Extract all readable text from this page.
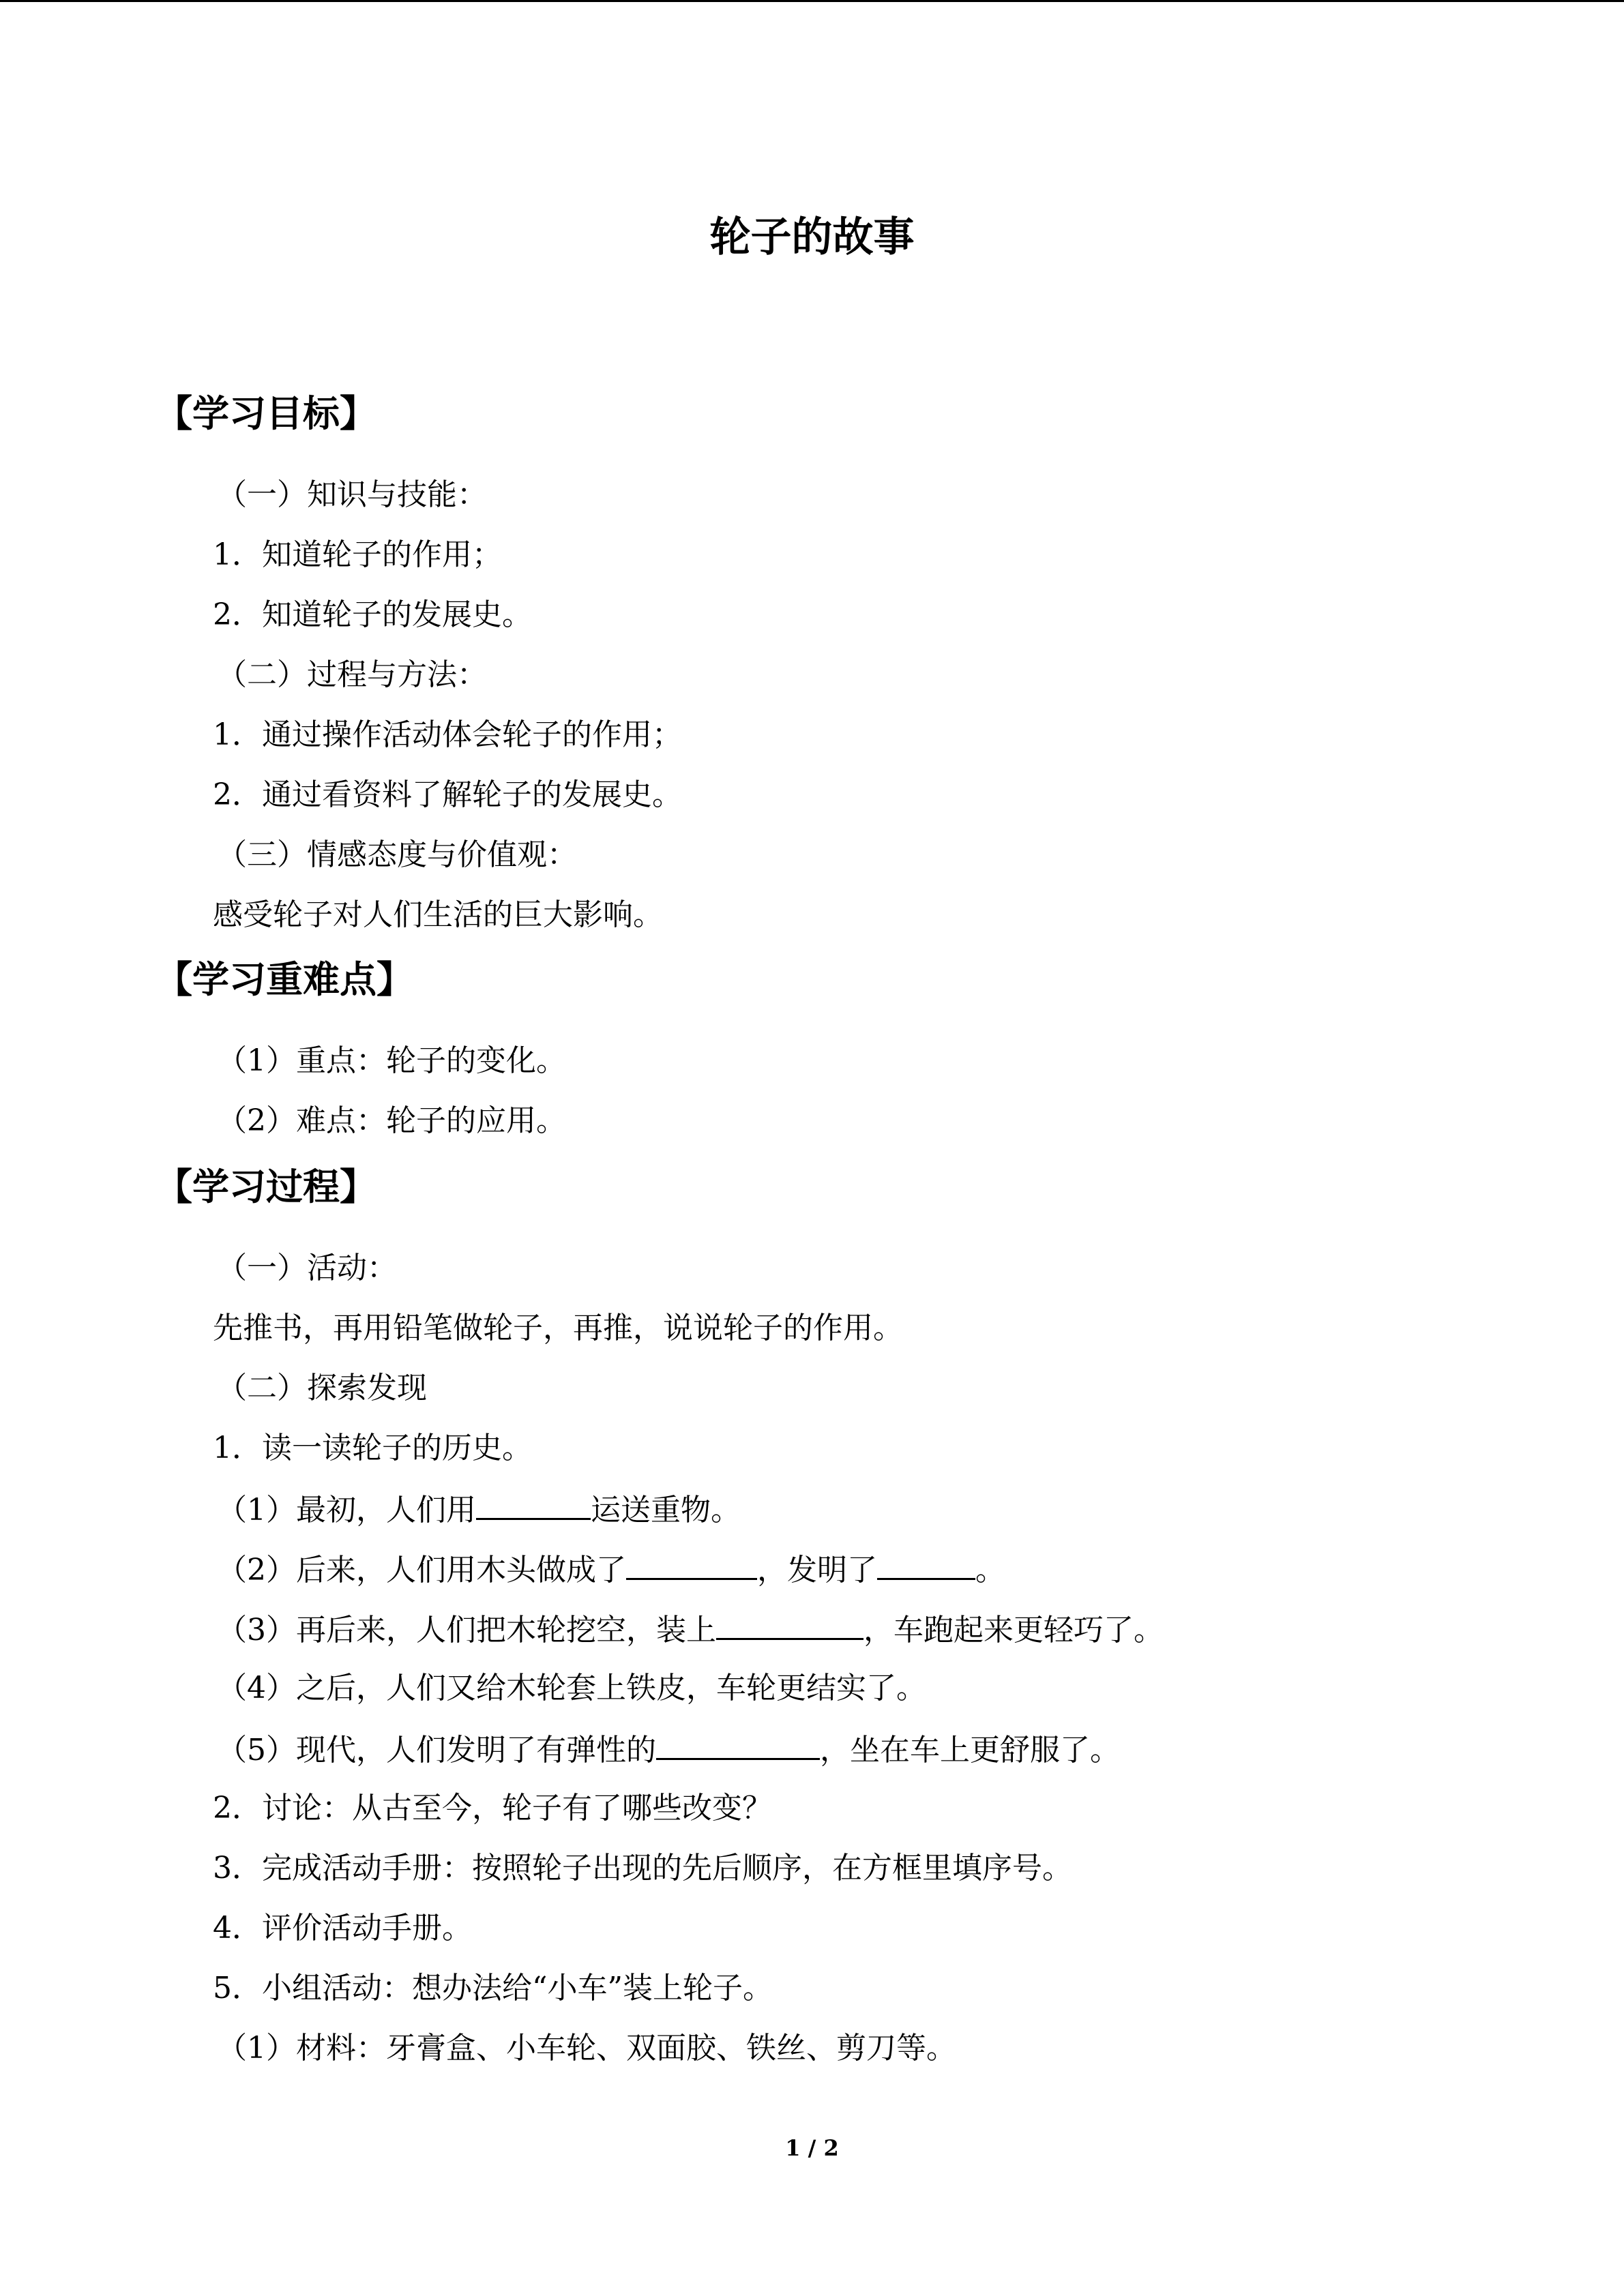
轮子的故事
【学习目标】
（一）知识与技能：
1．知道轮子的作用；
2．知道轮子的发展史。
（二）过程与方法：
1．通过操作活动体会轮子的作用；
2．通过看资料了解轮子的发展史。
（三）情感态度与价值观：
感受轮子对人们生活的巨大影响。
【学习重难点】
（1）重点：轮子的变化。
（2）难点：轮子的应用。
【学习过程】
（一）活动：
先推书，再用铅笔做轮子，再推，说说轮子的作用。
（二）探索发现
1．读一读轮子的历史。
（1）最初，人们用	运送重物。
（2）后来，人们用木头做成了	，发明了	。
（3）再后来，人们把木轮挖空，装上	，车跑起来更轻巧了。
（4）之后，人们又给木轮套上铁皮，车轮更结实了。
（5）现代，人们发明了有弹性的	，坐在车上更舒服了。
2．讨论：从古至今，轮子有了哪些改变？
3．完成活动手册：按照轮子出现的先后顺序，在方框里填序号。
4．评价活动手册。
5．小组活动：想办法给“小车”装上轮子。
（1）材料：牙膏盒、小车轮、双面胶、铁丝、剪刀等。
1 / 2
